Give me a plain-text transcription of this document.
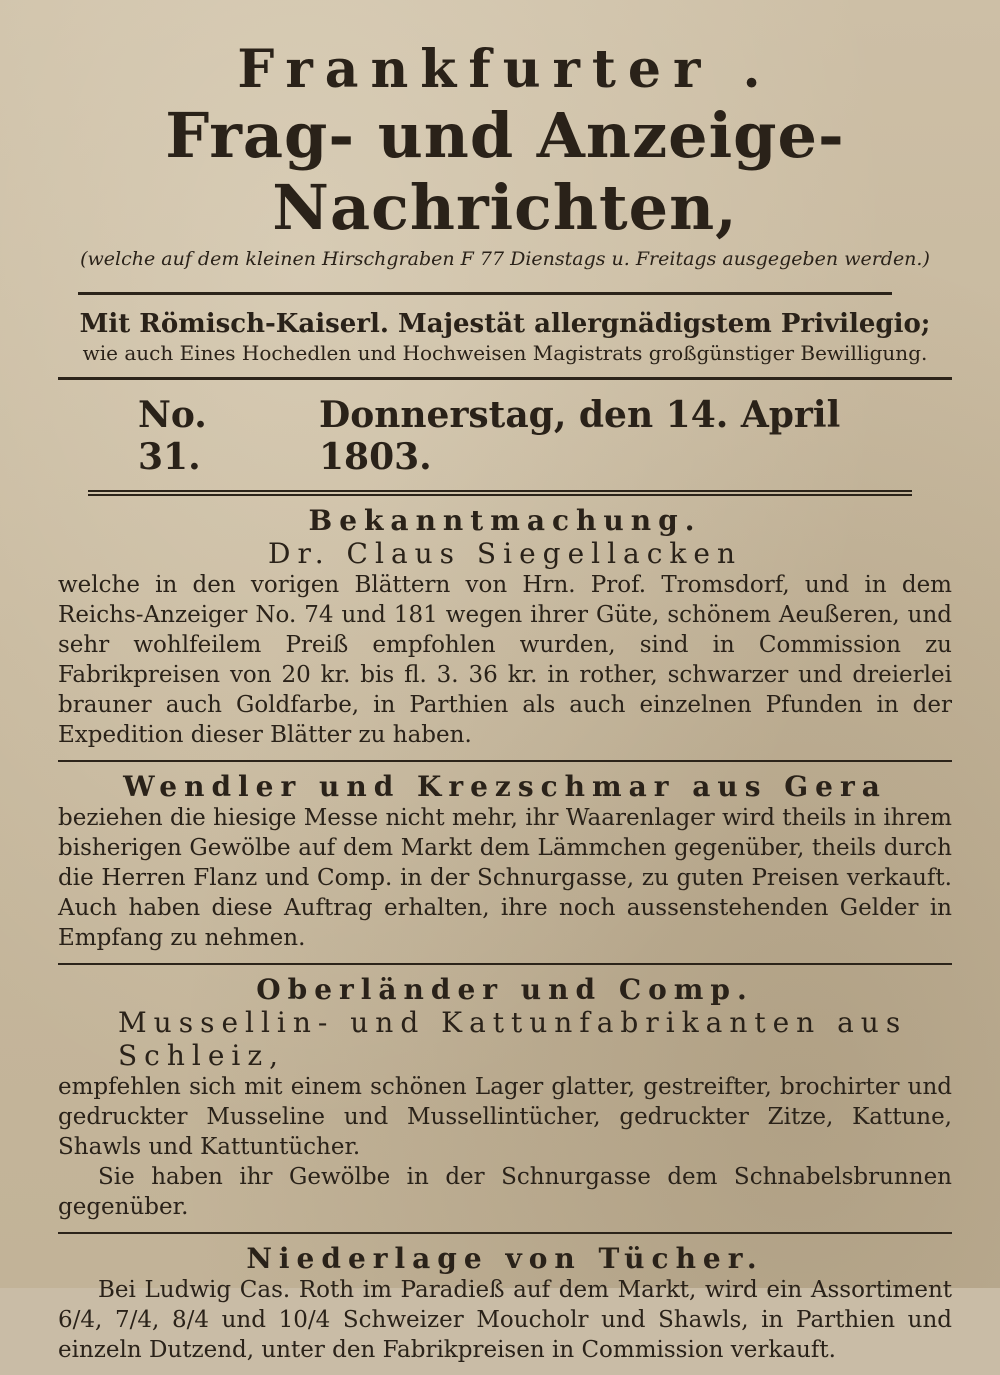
Frankfurter .

Frag- und Anzeige-Nachrichten,

(welche auf dem kleinen Hirschgraben F 77 Dienstags u. Freitags ausgegeben werden.)

Mit Römisch-Kaiserl. Majestät allergnädigstem Privilegio;

wie auch Eines Hochedlen und Hochweisen Magistrats großgünstiger Bewilligung.

No. 31.
Donnerstag, den 14. April 1803.

Bekanntmachung.

Dr. Claus Siegellacken

welche in den vorigen Blättern von Hrn. Prof. Tromsdorf, und in dem Reichs-Anzeiger No. 74 und 181 wegen ihrer Güte, schönem Aeußeren, und sehr wohlfeilem Preiß empfohlen wurden, sind in Commission zu Fabrikpreisen von 20 kr. bis fl. 3. 36 kr. in rother, schwarzer und dreierlei brauner auch Goldfarbe, in Parthien als auch einzelnen Pfunden in der Expedition dieser Blätter zu haben.

Wendler und Krezschmar aus Gera

beziehen die hiesige Messe nicht mehr, ihr Waarenlager wird theils in ihrem bisherigen Gewölbe auf dem Markt dem Lämmchen gegenüber, theils durch die Herren Flanz und Comp. in der Schnurgasse, zu guten Preisen verkauft. Auch haben diese Auftrag erhalten, ihre noch aussenstehenden Gelder in Empfang zu nehmen.

Oberländer und Comp.

Mussellin- und Kattunfabrikanten aus Schleiz,

empfehlen sich mit einem schönen Lager glatter, gestreifter, brochirter und gedruckter Musseline und Mussellintücher, gedruckter Zitze, Kattune, Shawls und Kattuntücher.

Sie haben ihr Gewölbe in der Schnurgasse dem Schnabelsbrunnen gegenüber.

Niederlage von Tücher.

Bei Ludwig Cas. Roth im Paradieß auf dem Markt, wird ein Assortiment 6/4, 7/4, 8/4 und 10/4 Schweizer Moucholr und Shawls, in Parthien und einzeln Dutzend, unter den Fabrikpreisen in Commission verkauft.
